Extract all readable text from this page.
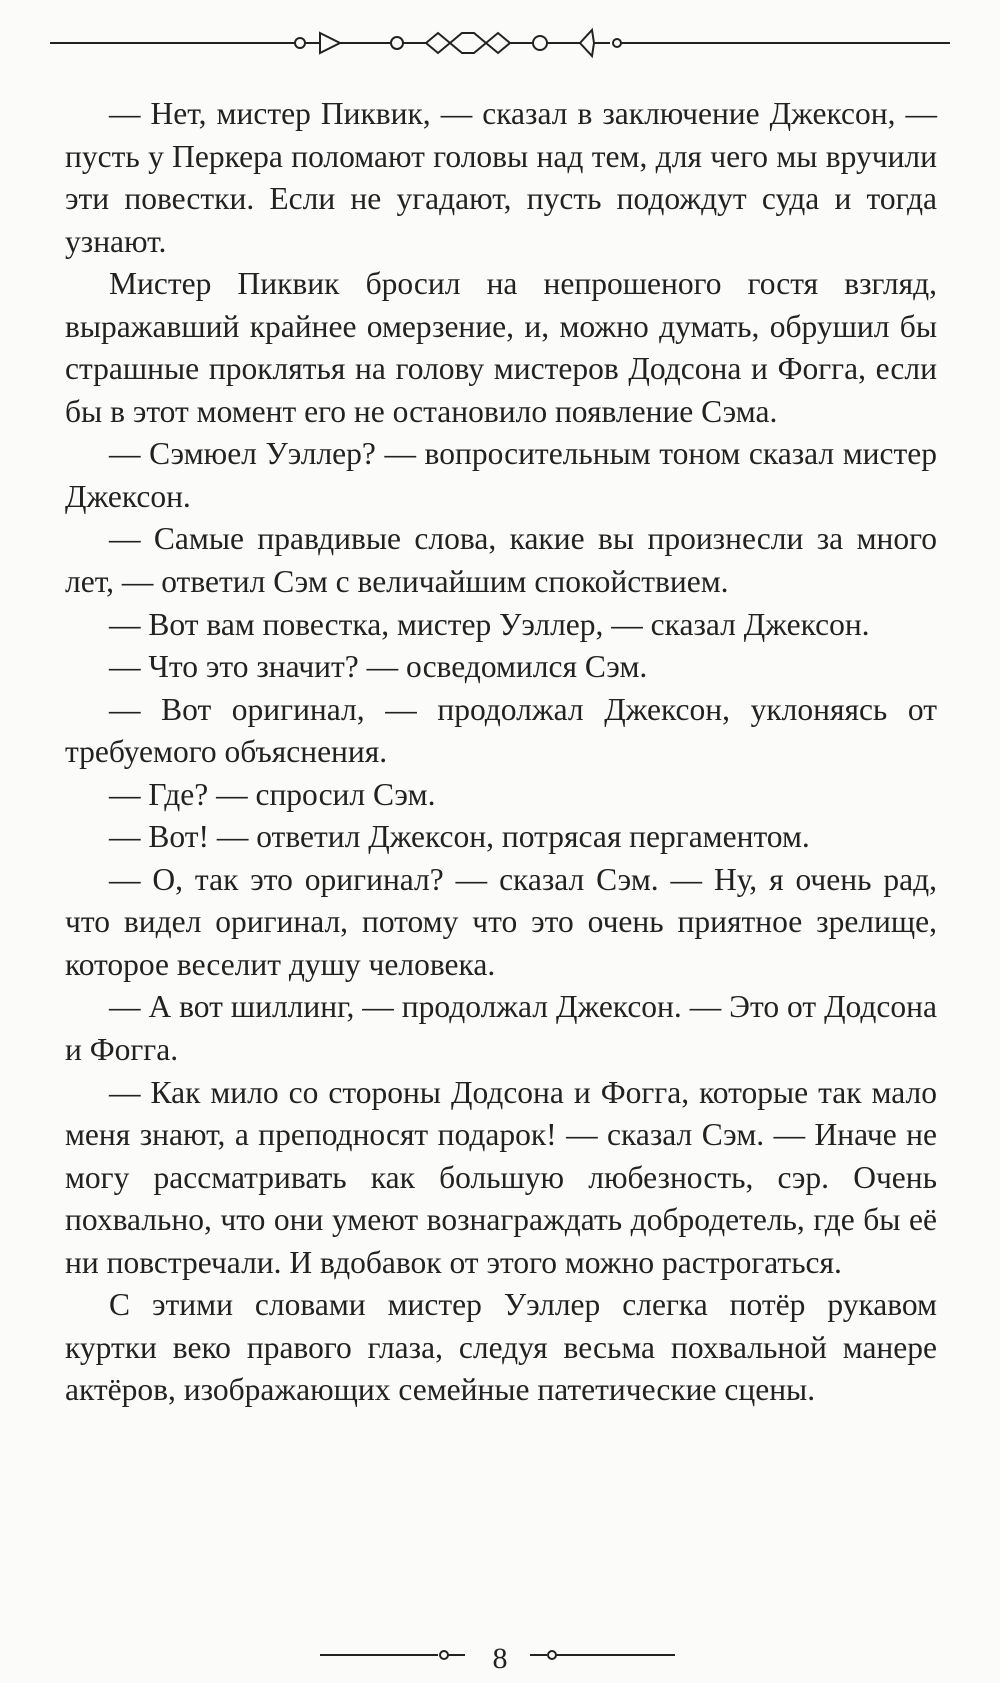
— Нет, мистер Пиквик, — сказал в заключение Джексон, — пусть у Перкера поломают головы над тем, для чего мы вручили эти повестки. Если не угадают, пусть подождут суда и тогда узнают.

Мистер Пиквик бросил на непрошеного гостя взгляд, выражавший крайнее омерзение, и, можно думать, обрушил бы страшные проклятья на голову мистеров Додсона и Фогга, если бы в этот момент его не остановило появление Сэма.

— Сэмюел Уэллер? — вопросительным тоном сказал мистер Джексон.

— Самые правдивые слова, какие вы произнесли за много лет, — ответил Сэм с величайшим спокойствием.

— Вот вам повестка, мистер Уэллер, — сказал Джексон.

— Что это значит? — осведомился Сэм.

— Вот оригинал, — продолжал Джексон, уклоняясь от требуемого объяснения.

— Где? — спросил Сэм.

— Вот! — ответил Джексон, потрясая пергаментом.

— О, так это оригинал? — сказал Сэм. — Ну, я очень рад, что видел оригинал, потому что это очень приятное зрелище, которое веселит душу человека.

— А вот шиллинг, — продолжал Джексон. — Это от Додсона и Фогга.

— Как мило со стороны Додсона и Фогга, которые так мало меня знают, а преподносят подарок! — сказал Сэм. — Иначе не могу рассматривать как большую любезность, сэр. Очень похвально, что они умеют вознаграждать добродетель, где бы её ни повстречали. И вдобавок от этого можно растрогаться.

С этими словами мистер Уэллер слегка потёр рукавом куртки веко правого глаза, следуя весьма похвальной манере актёров, изображающих семейные патетические сцены.

8
